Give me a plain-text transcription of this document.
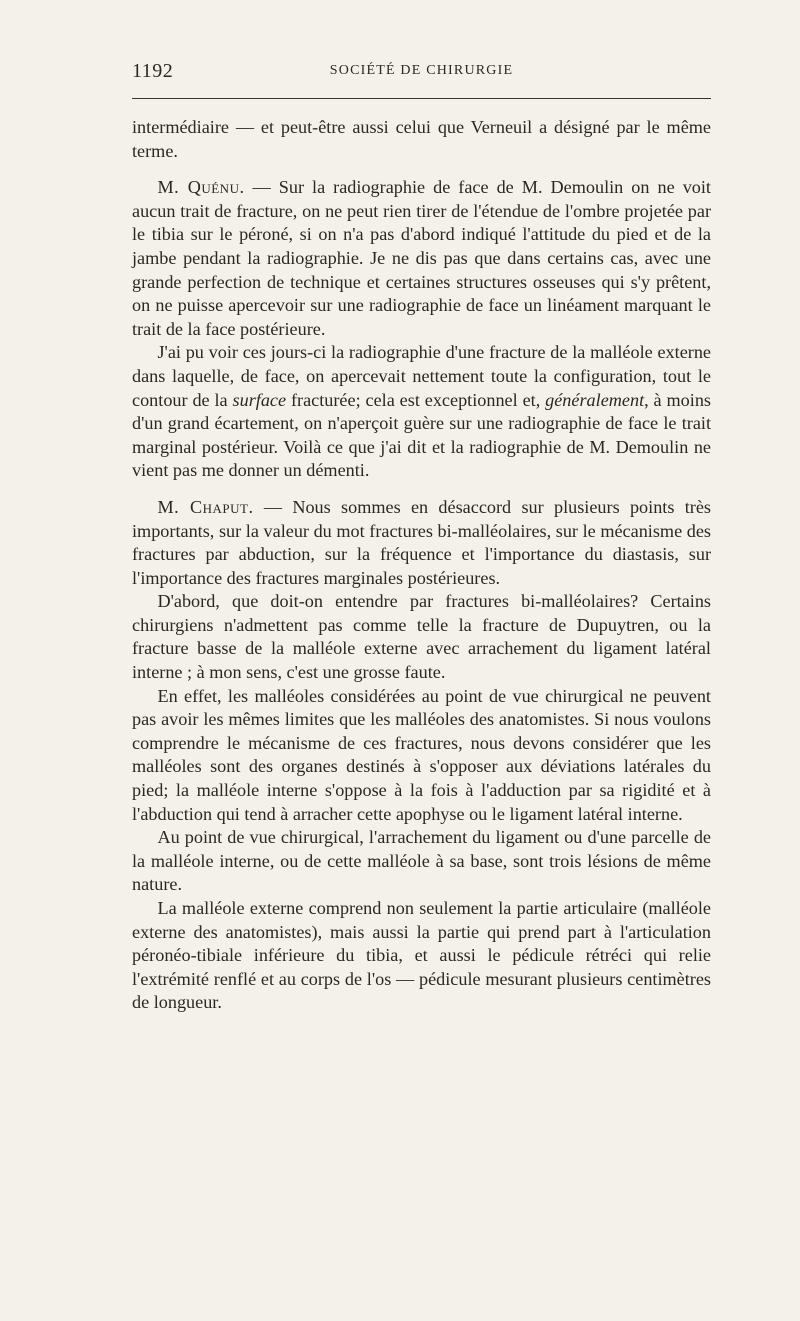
1192	SOCIÉTÉ DE CHIRURGIE

intermédiaire — et peut-être aussi celui que Verneuil a désigné par le même terme.

M. Quénu. — Sur la radiographie de face de M. Demoulin on ne voit aucun trait de fracture, on ne peut rien tirer de l'étendue de l'ombre projetée par le tibia sur le péroné, si on n'a pas d'abord indiqué l'attitude du pied et de la jambe pendant la radiographie. Je ne dis pas que dans certains cas, avec une grande perfection de technique et certaines structures osseuses qui s'y prêtent, on ne puisse apercevoir sur une radiographie de face un linéament marquant le trait de la face postérieure.

J'ai pu voir ces jours-ci la radiographie d'une fracture de la malléole externe dans laquelle, de face, on apercevait nettement toute la configuration, tout le contour de la surface fracturée; cela est exceptionnel et, généralement, à moins d'un grand écartement, on n'aperçoit guère sur une radiographie de face le trait marginal postérieur. Voilà ce que j'ai dit et la radiographie de M. Demoulin ne vient pas me donner un démenti.

M. Chaput. — Nous sommes en désaccord sur plusieurs points très importants, sur la valeur du mot fractures bi-malléolaires, sur le mécanisme des fractures par abduction, sur la fréquence et l'importance du diastasis, sur l'importance des fractures marginales postérieures.

D'abord, que doit-on entendre par fractures bi-malléolaires? Certains chirurgiens n'admettent pas comme telle la fracture de Dupuytren, ou la fracture basse de la malléole externe avec arrachement du ligament latéral interne ; à mon sens, c'est une grosse faute.

En effet, les malléoles considérées au point de vue chirurgical ne peuvent pas avoir les mêmes limites que les malléoles des anatomistes. Si nous voulons comprendre le mécanisme de ces fractures, nous devons considérer que les malléoles sont des organes destinés à s'opposer aux déviations latérales du pied; la malléole interne s'oppose à la fois à l'adduction par sa rigidité et à l'abduction qui tend à arracher cette apophyse ou le ligament latéral interne.

Au point de vue chirurgical, l'arrachement du ligament ou d'une parcelle de la malléole interne, ou de cette malléole à sa base, sont trois lésions de même nature.

La malléole externe comprend non seulement la partie articulaire (malléole externe des anatomistes), mais aussi la partie qui prend part à l'articulation péronéo-tibiale inférieure du tibia, et aussi le pédicule rétréci qui relie l'extrémité renflé et au corps de l'os — pédicule mesurant plusieurs centimètres de longueur.
